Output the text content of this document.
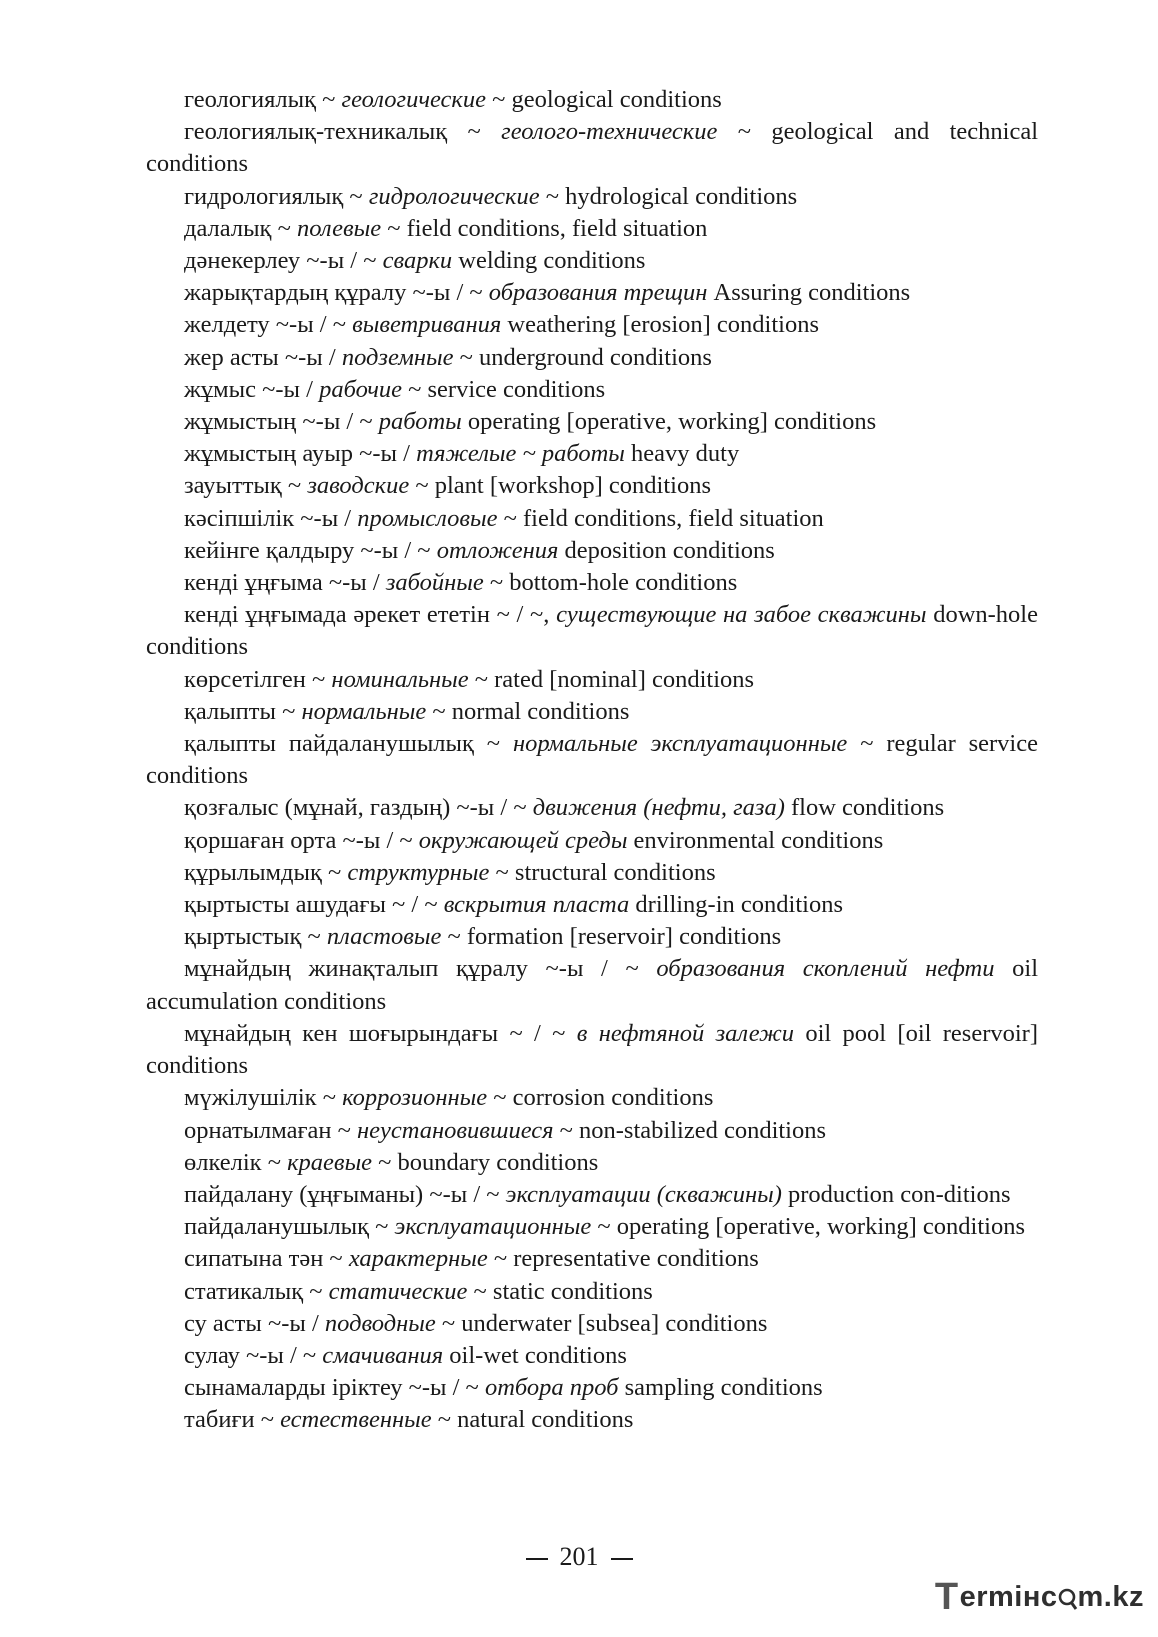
геологиялық ~ геологические ~ geological conditions
геологиялық-техникалық ~ геолого-технические ~ geological and technical conditions
гидрологиялық ~ гидрологические ~ hydrological conditions
далалық ~ полевые ~ field conditions, field situation
дәнекерлеу ~-ы / ~ сварки welding conditions
жарықтардың құралу ~-ы / ~ образования трещин Assuring conditions
желдету ~-ы / ~ выветривания weathering [erosion] conditions
жер асты ~-ы / подземные ~ underground conditions
жұмыс ~-ы / рабочие ~ service conditions
жұмыстың ~-ы / ~ работы operating [operative, working] conditions
жұмыстың ауыр ~-ы / тяжелые ~ работы heavy duty
зауыттық ~ заводские ~ plant [workshop] conditions
кәсіпшілік ~-ы / промысловые ~ field conditions, field situation
кейінге қалдыру ~-ы / ~ отложения deposition conditions
кенді ұңғыма ~-ы / забойные ~ bottom-hole conditions
кенді ұңғымада әрекет ететін ~ / ~, существующие на забое скважины down-hole conditions
көрсетілген ~ номинальные ~ rated [nominal] conditions
қалыпты ~ нормальные ~ normal conditions
қалыпты пайдаланушылық ~ нормальные эксплуатационные ~ regular service conditions
қозғалыс (мұнай, газдың) ~-ы / ~ движения (нефти, газа) flow conditions
қоршаған орта ~-ы / ~ окружающей среды environmental conditions
құрылымдық ~ структурные ~ structural conditions
қыртысты ашудағы ~ / ~ вскрытия пласта drilling-in conditions
қыртыстық ~ пластовые ~ formation [reservoir] conditions
мұнайдың жинақталып құралу ~-ы / ~ образования скоплений нефти oil accumulation conditions
мұнайдың кен шоғырындағы ~ / ~ в нефтяной залежи oil pool [oil reservoir] conditions
мүжілушілік ~ коррозионные ~ corrosion conditions
орнатылмаған ~ неустановившиеся ~ non-stabilized conditions
өлкелік ~ краевые ~ boundary conditions
пайдалану (ұңғыманы) ~-ы / ~ эксплуатации (скважины) production con-ditions
пайдаланушылық ~ эксплуатационные ~ operating [operative, working] conditions
сипатына тән ~ характерные ~ representative conditions
статикалық ~ статические ~ static conditions
су асты ~-ы / подводные ~ underwater [subsea] conditions
сулау ~-ы / ~ смачивания oil-wet conditions
сынамаларды іріктеу ~-ы / ~ отбора проб sampling conditions
табиғи ~ естественные ~ natural conditions
201
T ermінc m.kz
